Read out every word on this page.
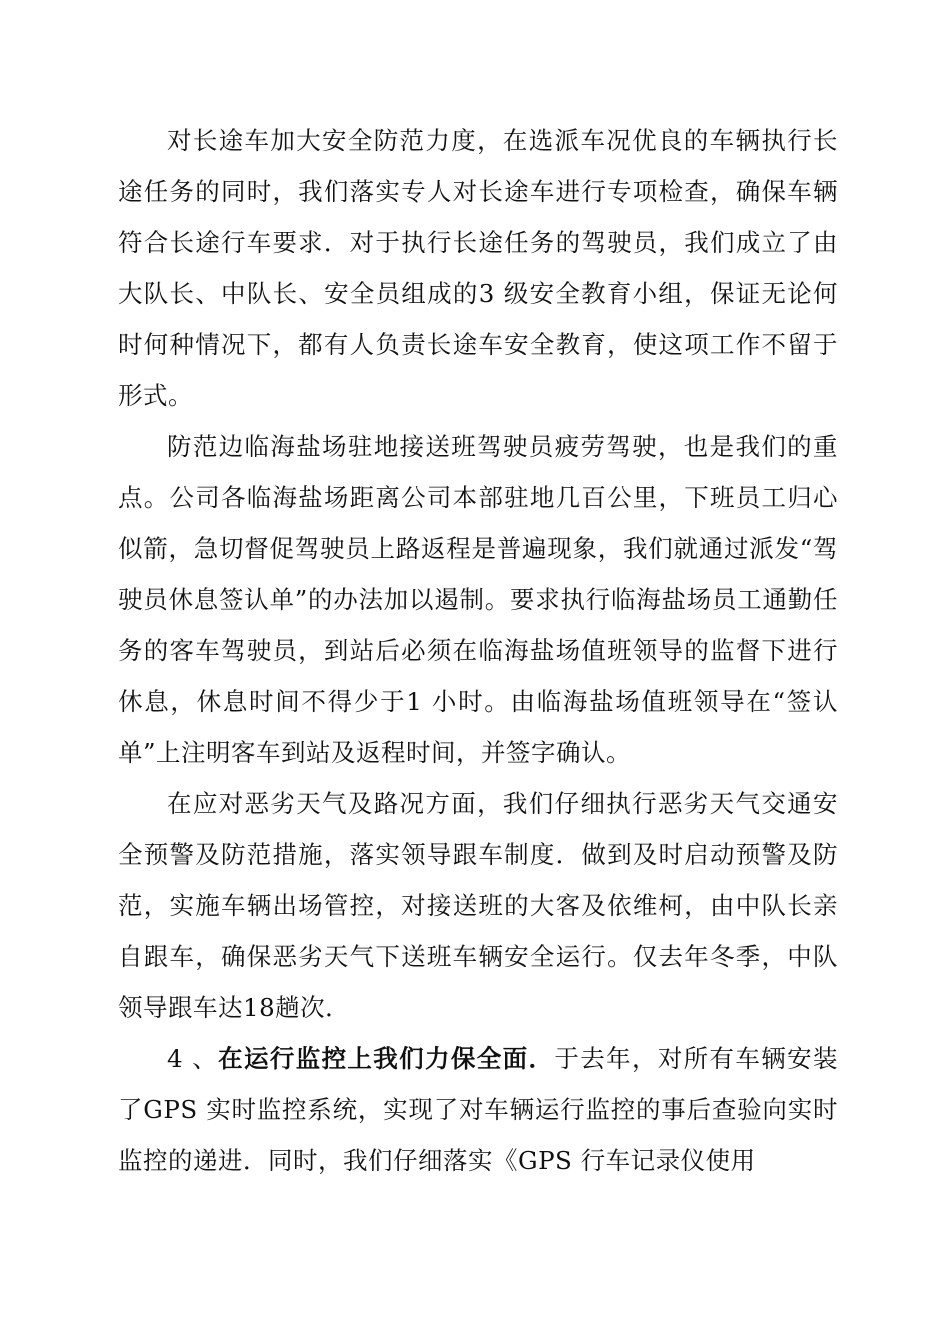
对长途车加大安全防范力度，在选派车况优良的车辆执行长途任务的同时，我们落实专人对长途车进行专项检查，确保车辆符合长途行车要求．对于执行长途任务的驾驶员，我们成立了由大队长、中队长、安全员组成的3 级安全教育小组，保证无论何时何种情况下，都有人负责长途车安全教育，使这项工作不留于形式。

防范边临海盐场驻地接送班驾驶员疲劳驾驶，也是我们的重点。公司各临海盐场距离公司本部驻地几百公里，下班员工归心似箭，急切督促驾驶员上路返程是普遍现象，我们就通过派发“驾驶员休息签认单”的办法加以遏制。要求执行临海盐场员工通勤任务的客车驾驶员，到站后必须在临海盐场值班领导的监督下进行休息，休息时间不得少于1 小时。由临海盐场值班领导在“签认单”上注明客车到站及返程时间，并签字确认。

在应对恶劣天气及路况方面，我们仔细执行恶劣天气交通安全预警及防范措施，落实领导跟车制度．做到及时启动预警及防范，实施车辆出场管控，对接送班的大客及依维柯，由中队长亲自跟车，确保恶劣天气下送班车辆安全运行。仅去年冬季，中队领导跟车达18趟次．

4 、在运行监控上我们力保全面．于去年，对所有车辆安装了GPS 实时监控系统，实现了对车辆运行监控的事后查验向实时监控的递进．同时，我们仔细落实《GPS 行车记录仪使用
